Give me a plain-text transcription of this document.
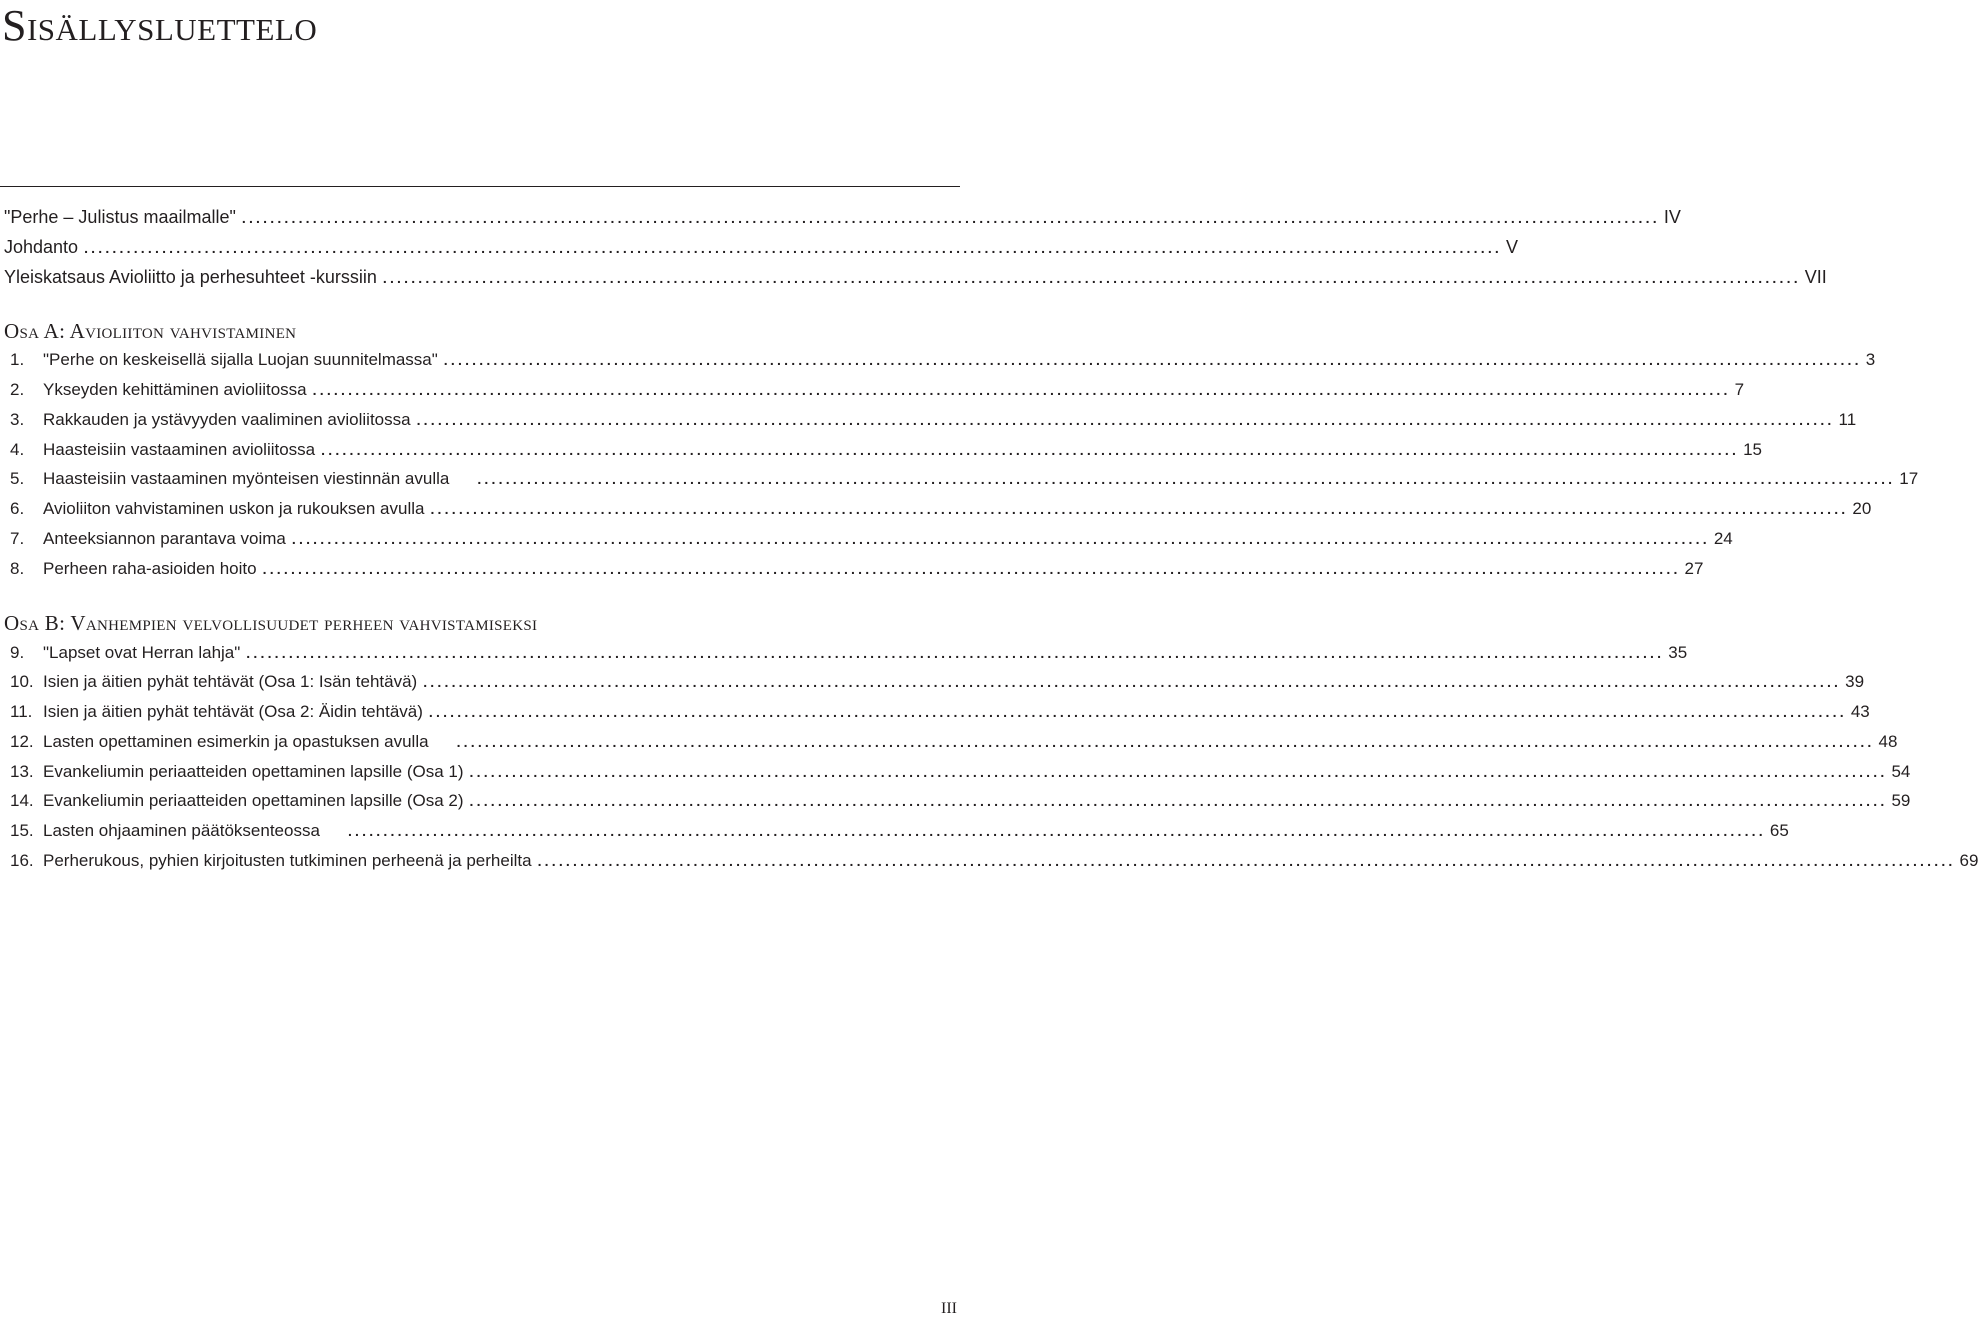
Sisällysluettelo
"Perhe – Julistus maailmalle" ........................................................................................................................................................................................................ IV
Johdanto ........................................................................................................................................................................................................ V
Yleiskatsaus Avioliitto ja perhesuhteet -kurssiin ........................................................................................................................................................................................................ VII
Osa A: Avioliiton vahvistaminen
1.	"Perhe on keskeisellä sijalla Luojan suunnitelmassa" ........................................................................................................................................................................................................ 3
2.	Ykseyden kehittäminen avioliitossa ........................................................................................................................................................................................................ 7
3.	Rakkauden ja ystävyyden vaaliminen avioliitossa ........................................................................................................................................................................................................ 11
4.	Haasteisiin vastaaminen avioliitossa ........................................................................................................................................................................................................ 15
5.	Haasteisiin vastaaminen myönteisen viestinnän avulla	........................................................................................................................................................................................................ 17
6.	Avioliiton vahvistaminen uskon ja rukouksen avulla ........................................................................................................................................................................................................ 20
7.	Anteeksiannon parantava voima ........................................................................................................................................................................................................ 24
8.	Perheen raha-asioiden hoito ........................................................................................................................................................................................................ 27
Osa B: Vanhempien velvollisuudet perheen vahvistamiseksi
9.	"Lapset ovat Herran lahja" ........................................................................................................................................................................................................ 35
10. Isien ja äitien pyhät tehtävät (Osa 1: Isän tehtävä) ........................................................................................................................................................................................................ 39
11. Isien ja äitien pyhät tehtävät (Osa 2: Äidin tehtävä) ........................................................................................................................................................................................................ 43
12. Lasten opettaminen esimerkin ja opastuksen avulla	........................................................................................................................................................................................................ 48
13. Evankeliumin periaatteiden opettaminen lapsille (Osa 1) ........................................................................................................................................................................................................ 54
14. Evankeliumin periaatteiden opettaminen lapsille (Osa 2) ........................................................................................................................................................................................................ 59
15. Lasten ohjaaminen päätöksenteossa	........................................................................................................................................................................................................ 65
16. Perherukous, pyhien kirjoitusten tutkiminen perheenä ja perheilta ........................................................................................................................................................................................................ 69
III
